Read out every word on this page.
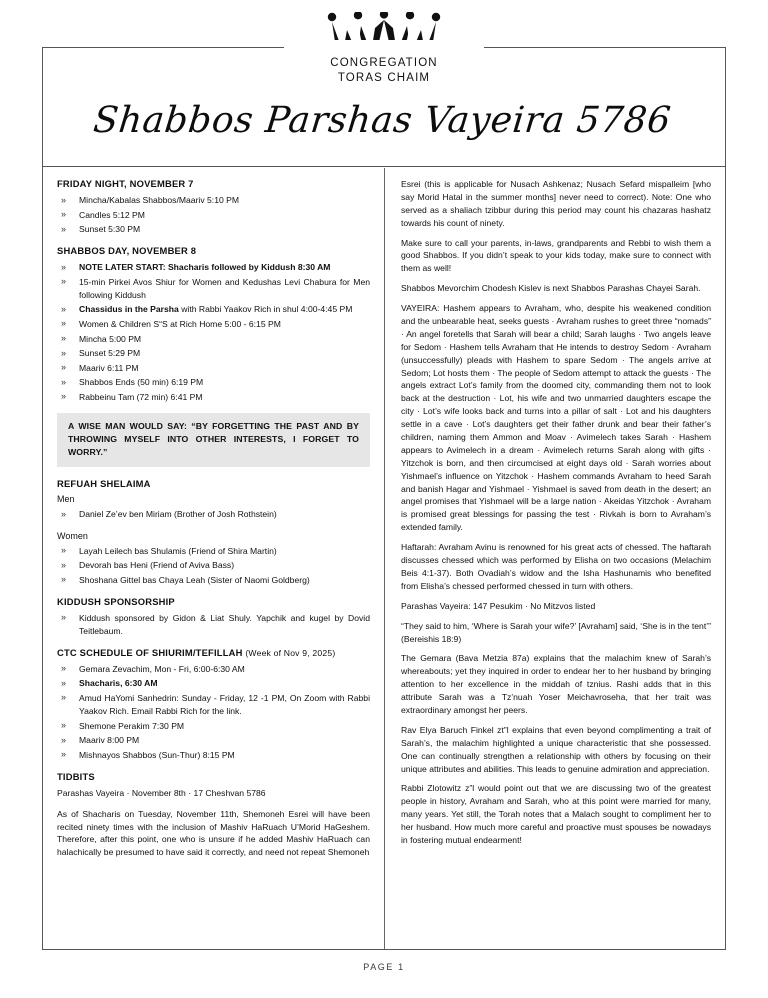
CONGREGATION
TORAS CHAIM
Shabbos Parshas Vayeira 5786
FRIDAY NIGHT, NOVEMBER 7
» Mincha/Kabalas Shabbos/Maariv 5:10 PM
» Candles 5:12 PM
» Sunset 5:30 PM
SHABBOS DAY, NOVEMBER 8
» NOTE LATER START: Shacharis followed by Kiddush 8:30 AM
» 15-min Pirkei Avos Shiur for Women and Kedushas Levi Chabura for Men following Kiddush
» Chassidus in the Parsha with Rabbi Yaakov Rich in shul 4:00-4:45 PM
» Women & Children S“S at Rich Home 5:00 - 6:15 PM
» Mincha 5:00 PM
» Sunset 5:29 PM
» Maariv 6:11 PM
» Shabbos Ends (50 min) 6:19 PM
» Rabbeinu Tam (72 min) 6:41 PM
A WISE MAN WOULD SAY: “BY FORGETTING THE PAST AND BY THROWING MYSELF INTO OTHER INTERESTS, I FORGET TO WORRY.”
REFUAH SHELAIMA
Men
» Daniel Ze’ev ben Miriam (Brother of Josh Rothstein)
Women
» Layah Leilech bas Shulamis (Friend of Shira Martin)
» Devorah bas Heni (Friend of Aviva Bass)
» Shoshana Gittel bas Chaya Leah (Sister of Naomi Goldberg)
KIDDUSH SPONSORSHIP
» Kiddush sponsored by Gidon & Liat Shuly. Yapchik and kugel by Dovid Teitlebaum.
CTC SCHEDULE OF SHIURIM/TEFILLAH (Week of Nov 9, 2025)
» Gemara Zevachim, Mon - Fri, 6:00-6:30 AM
» Shacharis, 6:30 AM
» Amud HaYomi Sanhedrin: Sunday - Friday, 12 -1 PM, On Zoom with Rabbi Yaakov Rich. Email Rabbi Rich for the link.
» Shemone Perakim 7:30 PM
» Maariv 8:00 PM
» Mishnayos Shabbos (Sun-Thur) 8:15 PM
TIDBITS

Parashas Vayeira · November 8th · 17 Cheshvan 5786

As of Shacharis on Tuesday, November 11th, Shemoneh Esrei will have been recited ninety times with the inclusion of Mashiv HaRuach U’Morid HaGeshem. Therefore, after this point, one who is unsure if he added Mashiv HaRuach can halachically be presumed to have said it correctly, and need not repeat Shemoneh

Esrei (this is applicable for Nusach Ashkenaz; Nusach Sefard mispalleim [who say Morid Hatal in the summer months] never need to correct). Note: One who served as a shaliach tzibbur during this period may count his chazaras hashatz towards his count of ninety.

Make sure to call your parents, in-laws, grandparents and Rebbi to wish them a good Shabbos. If you didn’t speak to your kids today, make sure to connect with them as well!

Shabbos Mevorchim Chodesh Kislev is next Shabbos Parashas Chayei Sarah.

VAYEIRA: Hashem appears to Avraham, who, despite his weakened condition and the unbearable heat, seeks guests · Avraham rushes to greet three “nomads” · An angel foretells that Sarah will bear a child; Sarah laughs · Two angels leave for Sedom · Hashem tells Avraham that He intends to destroy Sedom · Avraham (unsuccessfully) pleads with Hashem to spare Sedom · The angels arrive at Sedom; Lot hosts them · The people of Sedom attempt to attack the guests · The angels extract Lot’s family from the doomed city, commanding them not to look back at the destruction · Lot, his wife and two unmarried daughters escape the city · Lot’s wife looks back and turns into a pillar of salt · Lot and his daughters settle in a cave · Lot’s daughters get their father drunk and bear their father’s children, naming them Ammon and Moav · Avimelech takes Sarah · Hashem appears to Avimelech in a dream · Avimelech returns Sarah along with gifts · Yitzchok is born, and then circumcised at eight days old · Sarah worries about Yishmael’s influence on Yitzchok · Hashem commands Avraham to heed Sarah and banish Hagar and Yishmael · Yishmael is saved from death in the desert; an angel promises that Yishmael will be a large nation · Akeidas Yitzchok · Avraham is promised great blessings for passing the test · Rivkah is born to Avraham’s extended family.

Haftarah: Avraham Avinu is renowned for his great acts of chessed. The haftarah discusses chessed which was performed by Elisha on two occasions (Melachim Beis 4:1-37). Both Ovadiah’s widow and the Isha Hashunamis who benefited from Elisha’s chessed performed chessed in turn with others.

Parashas Vayeira: 147 Pesukim · No Mitzvos listed

“They said to him, ‘Where is Sarah your wife?’ [Avraham] said, ‘She is in the tent’” (Bereishis 18:9)

The Gemara (Bava Metzia 87a) explains that the malachim knew of Sarah’s whereabouts; yet they inquired in order to endear her to her husband by bringing attention to her excellence in the middah of tznius. Rashi adds that in this attribute Sarah was a Tz’nuah Yoser Meichavroseha, that her trait was extraordinary amongst her peers.

Rav Elya Baruch Finkel zt”l explains that even beyond complimenting a trait of Sarah’s, the malachim highlighted a unique characteristic that she possessed. One can continually strengthen a relationship with others by focusing on their unique attributes and abilities. This leads to genuine admiration and appreciation.

Rabbi Zlotowitz z”l would point out that we are discussing two of the greatest people in history, Avraham and Sarah, who at this point were married for many, many years. Yet still, the Torah notes that a Malach sought to compliment her to her husband. How much more careful and proactive must spouses be nowadays in fostering mutual endearment!

PAGE 1
